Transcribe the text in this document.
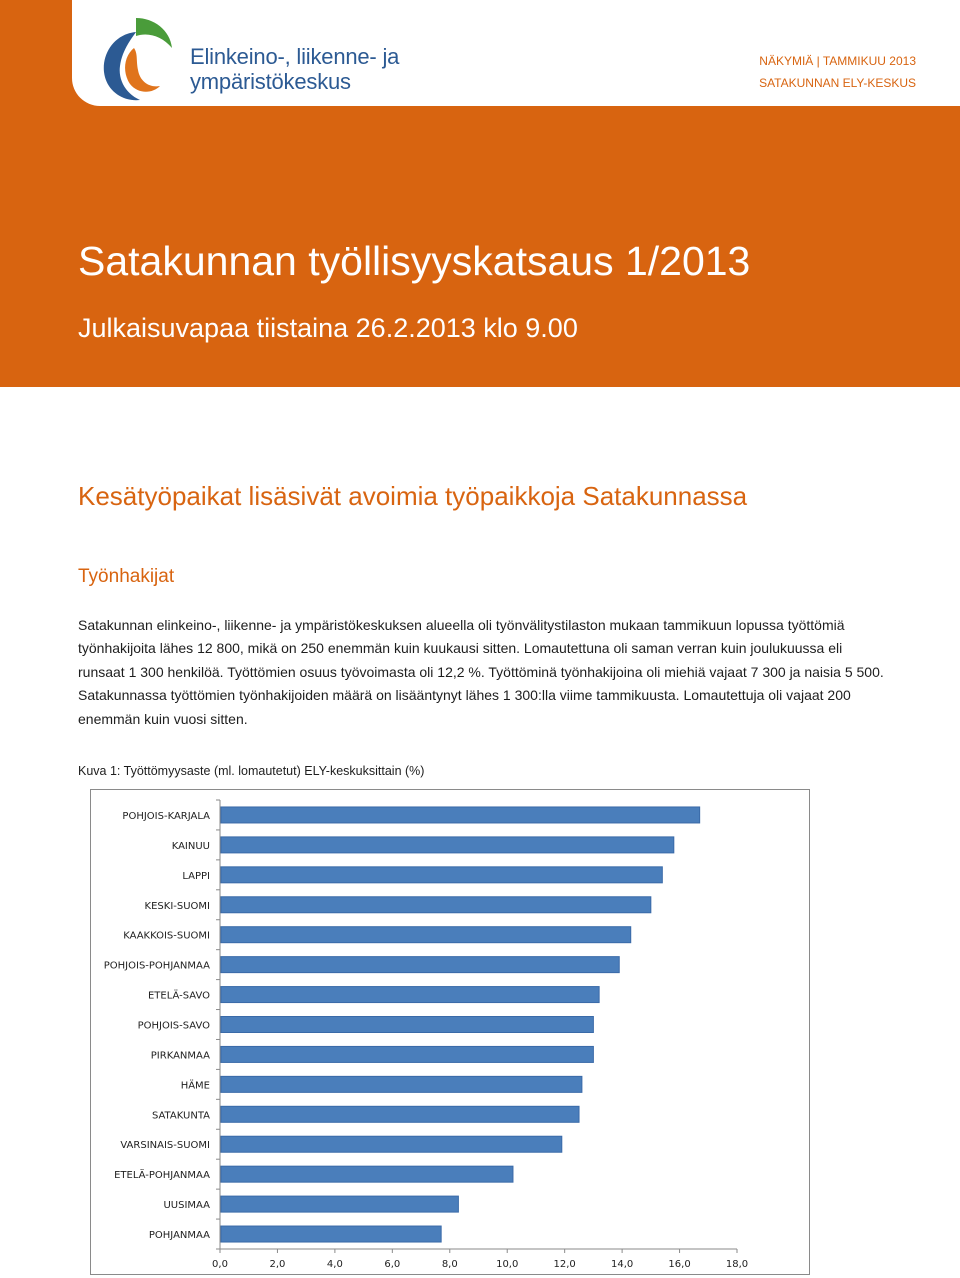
Elinkeino-, liikenne- ja
ympäristökeskus
NÄKYMIÄ | TAMMIKUU 2013
SATAKUNNAN ELY-KESKUS
Satakunnan työllisyyskatsaus 1/2013
Julkaisuvapaa tiistaina 26.2.2013 klo 9.00
Kesätyöpaikat lisäsivät avoimia työpaikkoja Satakunnassa
Työnhakijat

Satakunnan elinkeino-, liikenne- ja ympäristökeskuksen alueella oli työnvälitystilaston mukaan tammikuun lopussa työttömiä työnhakijoita lähes 12 800, mikä on 250 enemmän kuin kuukausi sitten. Lomautettuna oli saman verran kuin joulukuussa eli runsaat 1 300 henkilöä. Työttömien osuus työvoimasta oli 12,2 %. Työttöminä työnhakijoina oli miehiä vajaat 7 300 ja naisia 5 500. Satakunnassa työttömien työnhakijoiden määrä on lisääntynyt lähes 1 300:lla viime tammikuusta. Lomautettuja oli vajaat 200 enemmän kuin vuosi sitten.

Kuva 1: Työttömyysaste (ml. lomautetut) ELY-keskuksittain (%)
POHJOIS-KARJALA
KAINUU
LAPPI
KESKI-SUOMI
KAAKKOIS-SUOMI
POHJOIS-POHJANMAA
ETELÄ-SAVO
POHJOIS-SAVO
PIRKANMAA
HÄME
SATAKUNTA
VARSINAIS-SUOMI
ETELÄ-POHJANMAA
UUSIMAA
POHJANMAA
0,0	2,0	4,0	6,0	8,0	10,0	12,0	14,0	16,0	18,0
